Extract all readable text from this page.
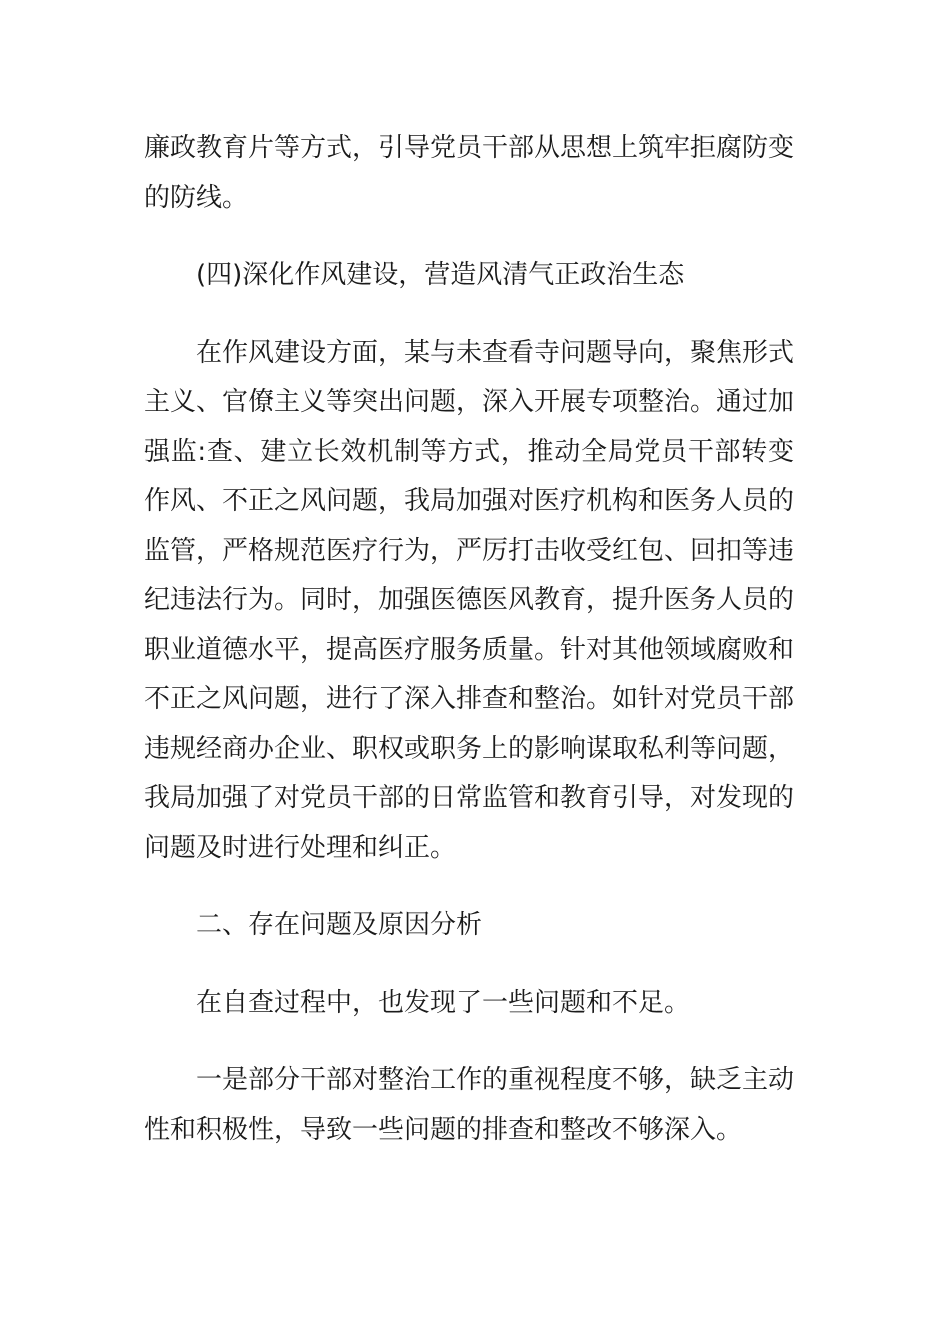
廉政教育片等方式，引导党员干部从思想上筑牢拒腐防变的防线。

(四)深化作风建设，营造风清气正政治生态

在作风建设方面，某与未查看寺问题导向，聚焦形式主义、官僚主义等突出问题，深入开展专项整治。通过加强监:查、建立长效机制等方式，推动全局党员干部转变作风、不正之风问题，我局加强对医疗机构和医务人员的监管，严格规范医疗行为，严厉打击收受红包、回扣等违纪违法行为。同时，加强医德医风教育，提升医务人员的职业道德水平，提高医疗服务质量。针对其他领域腐败和不正之风问题，进行了深入排查和整治。如针对党员干部违规经商办企业、职权或职务上的影响谋取私利等问题，我局加强了对党员干部的日常监管和教育引导，对发现的问题及时进行处理和纠正。

二、存在问题及原因分析

在自查过程中，也发现了一些问题和不足。

一是部分干部对整治工作的重视程度不够，缺乏主动性和积极性，导致一些问题的排查和整改不够深入。
